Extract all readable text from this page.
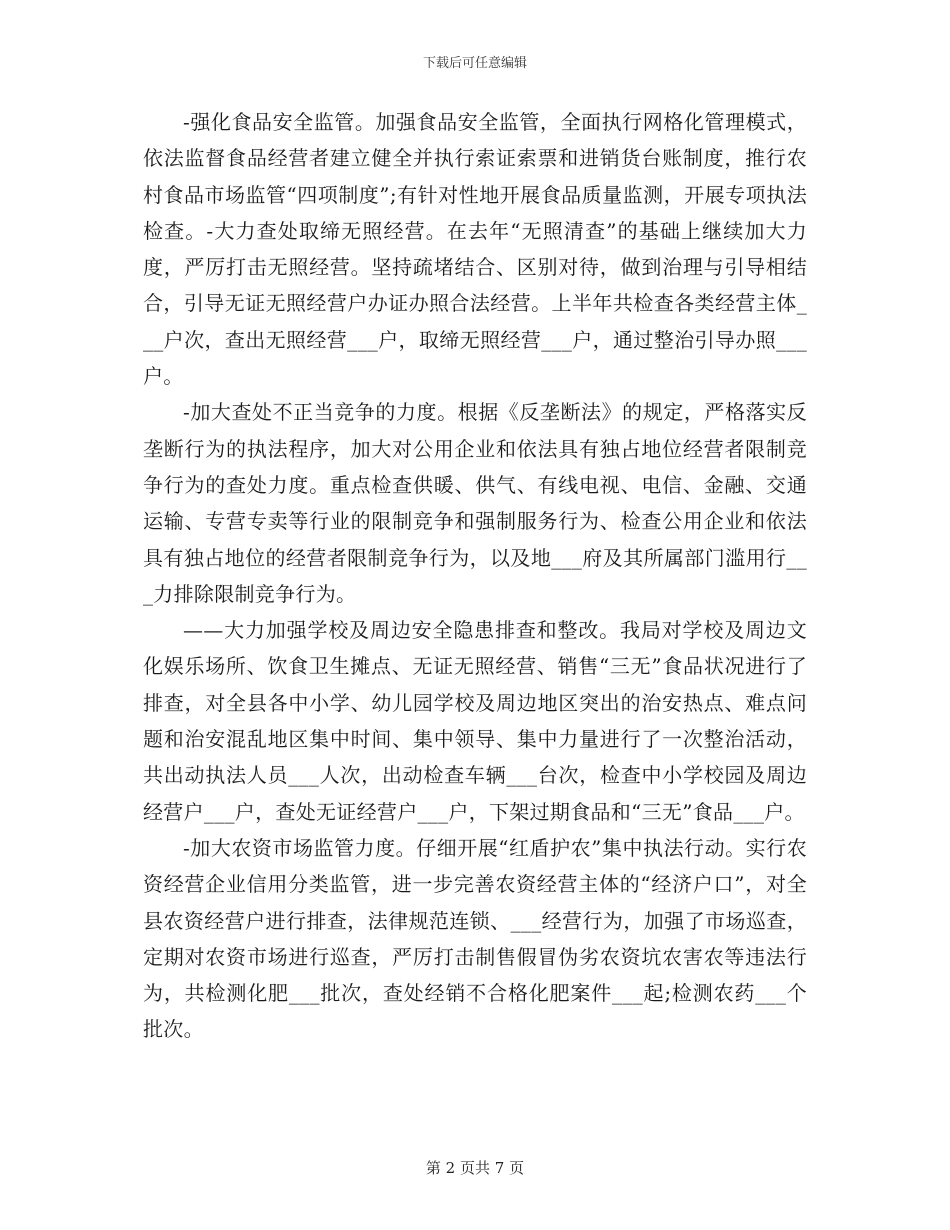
下载后可任意编辑

-强化食品安全监管。加强食品安全监管，全面执行网格化管理模式，依法监督食品经营者建立健全并执行索证索票和进销货台账制度，推行农村食品市场监管“四项制度”;有针对性地开展食品质量监测，开展专项执法检查。-大力查处取缔无照经营。在去年“无照清查”的基础上继续加大力度，严厉打击无照经营。坚持疏堵结合、区别对待，做到治理与引导相结合，引导无证无照经营户办证办照合法经营。上半年共检查各类经营主体___户次，查出无照经营___户，取缔无照经营___户，通过整治引导办照___户。

-加大查处不正当竞争的力度。根据《反垄断法》的规定，严格落实反垄断行为的执法程序，加大对公用企业和依法具有独占地位经营者限制竞争行为的查处力度。重点检查供暖、供气、有线电视、电信、金融、交通运输、专营专卖等行业的限制竞争和强制服务行为、检查公用企业和依法具有独占地位的经营者限制竞争行为，以及地___府及其所属部门滥用行___力排除限制竞争行为。

——大力加强学校及周边安全隐患排查和整改。我局对学校及周边文化娱乐场所、饮食卫生摊点、无证无照经营、销售“三无”食品状况进行了排查，对全县各中小学、幼儿园学校及周边地区突出的治安热点、难点问题和治安混乱地区集中时间、集中领导、集中力量进行了一次整治活动，共出动执法人员___人次，出动检查车辆___台次，检查中小学校园及周边经营户___户，查处无证经营户___户，下架过期食品和“三无”食品___户。

-加大农资市场监管力度。仔细开展“红盾护农”集中执法行动。实行农资经营企业信用分类监管，进一步完善农资经营主体的“经济户口”，对全县农资经营户进行排查，法律规范连锁、___经营行为，加强了市场巡查，定期对农资市场进行巡查，严厉打击制售假冒伪劣农资坑农害农等违法行为，共检测化肥___批次，查处经销不合格化肥案件___起;检测农药___个批次。

第 2 页共 7 页
